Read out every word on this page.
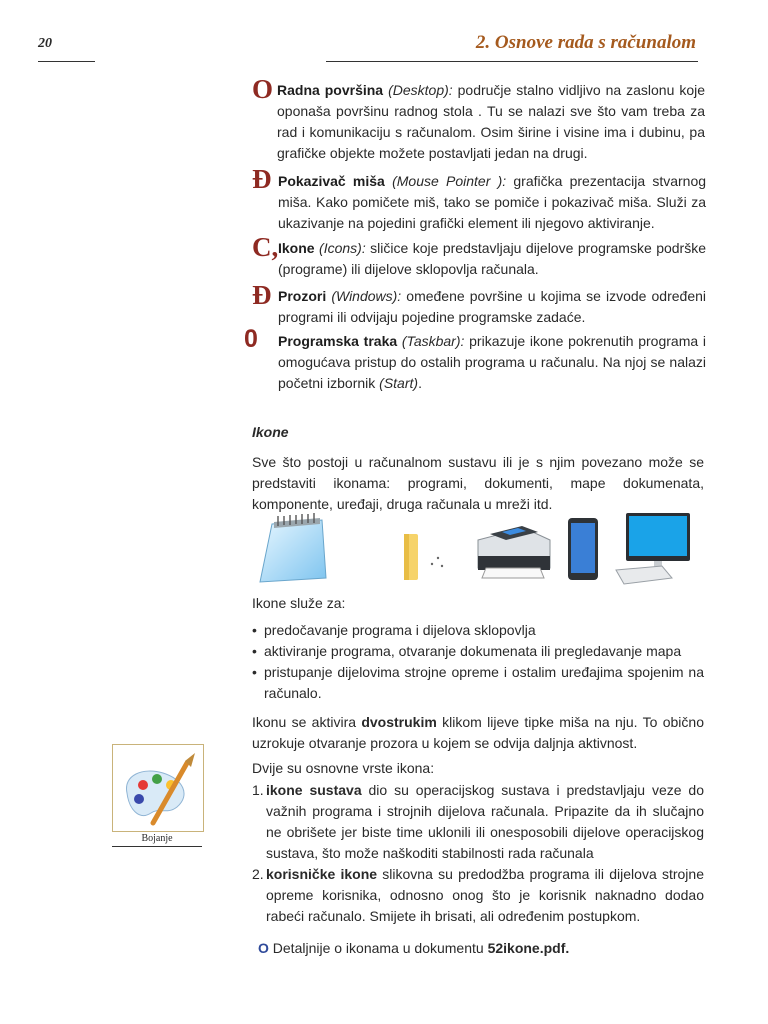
20	2. Osnove rada s računalom
O Radna površina (Desktop): područje stalno vidljivo na zaslonu koje oponaša površinu radnog stola . Tu se nalazi sve što vam treba za rad i komunikaciju s računalom. Osim širine i visine ima i dubinu, pa grafičke objekte možete postavljati jedan na drugi.
Đ Pokazivač miša (Mouse Pointer ): grafička prezentacija stvarnog miša. Kako pomičete miš, tako se pomiče i pokazivač miša. Služi za ukazivanje na pojedini grafički element ili njegovo aktiviranje.
C, Ikone (Icons): sličice koje predstavljaju dijelove programske podrške (programe) ili dijelove sklopovlja računala.
Đ Prozori (Windows): omeđene površine u kojima se izvode određeni programi ili odvijaju pojedine programske zadaće.
0 Programska traka (Taskbar): prikazuje ikone pokrenutih programa i omogućava pristup do ostalih programa u računalu. Na njoj se nalazi početni izbornik (Start).
Ikone
Sve što postoji u računalnom sustavu ili je s njim povezano može se predstaviti ikonama: programi, dokumenti, mape dokumenata, komponente, uređaji, druga računala u mreži itd.
Ikone služe za:
• predočavanje programa i dijelova sklopovlja
• aktiviranje programa, otvaranje dokumenata ili pregledavanje mapa
• pristupanje dijelovima strojne opreme i ostalim uređajima spojenim na računalo.
Ikonu se aktivira dvostrukim klikom lijeve tipke miša na nju. To obično uzrokuje otvaranje prozora u kojem se odvija daljnja aktivnost.
Dvije su osnovne vrste ikona:
1. ikone sustava dio su operacijskog sustava i predstavljaju veze do važnih programa i strojnih dijelova računala. Pripazite da ih slučajno ne obrišete jer biste time uklonili ili onesposobili dijelove operacijskog sustava, što može naškoditi stabilnosti rada računala
2. korisničke ikone slikovna su predodžba programa ili dijelova strojne opreme korisnika, odnosno onog što je korisnik naknadno dodao rabeći računalo. Smijete ih brisati, ali određenim postupkom.
O Detaljnije o ikonama u dokumentu 52ikone.pdf.
Bojanje
